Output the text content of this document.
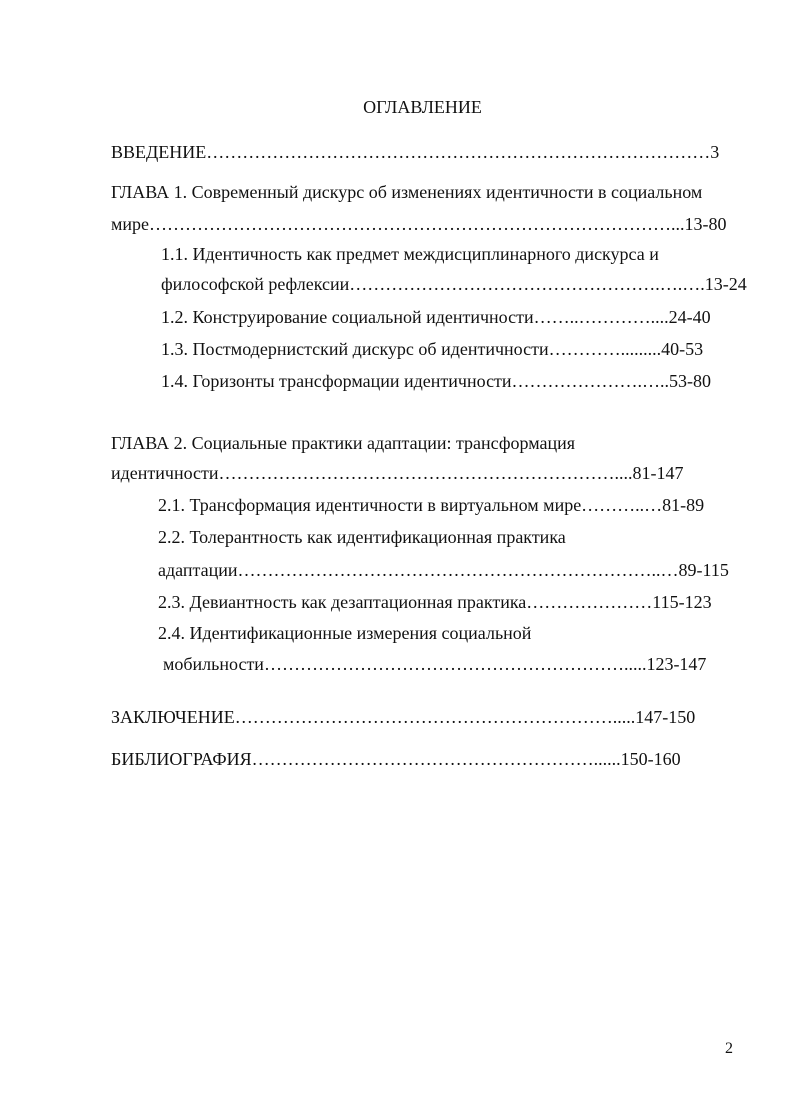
ОГЛАВЛЕНИЕ
ВВЕДЕНИЕ…………………………………………………………………………3
ГЛАВА 1. Современный дискурс об изменениях идентичности в социальном
мире……………………………………………………………………………...13-80
1.1. Идентичность как предмет междисциплинарного дискурса и
философской рефлексии…………………………………………….….….13-24
1.2. Конструирование социальной идентичности……..…………....24-40
1.3. Постмодернистский дискурс об идентичности………….........40-53
1.4. Горизонты трансформации идентичности………………….…..53-80
ГЛАВА 2. Социальные практики адаптации: трансформация
идентичности…………………………………………………………....81-147
2.1. Трансформация идентичности в виртуальном мире………..…81-89
2.2. Толерантность как идентификационная практика
адаптации……………………………………………………………..…89-115
2.3. Девиантность как дезаптационная практика…………………115-123
2.4. Идентификационные измерения социальной
мобильности…………………………………………………….....123-147
ЗАКЛЮЧЕНИЕ……………………………………………………….....147-150
БИБЛИОГРАФИЯ…………………………………………………......150-160
2
